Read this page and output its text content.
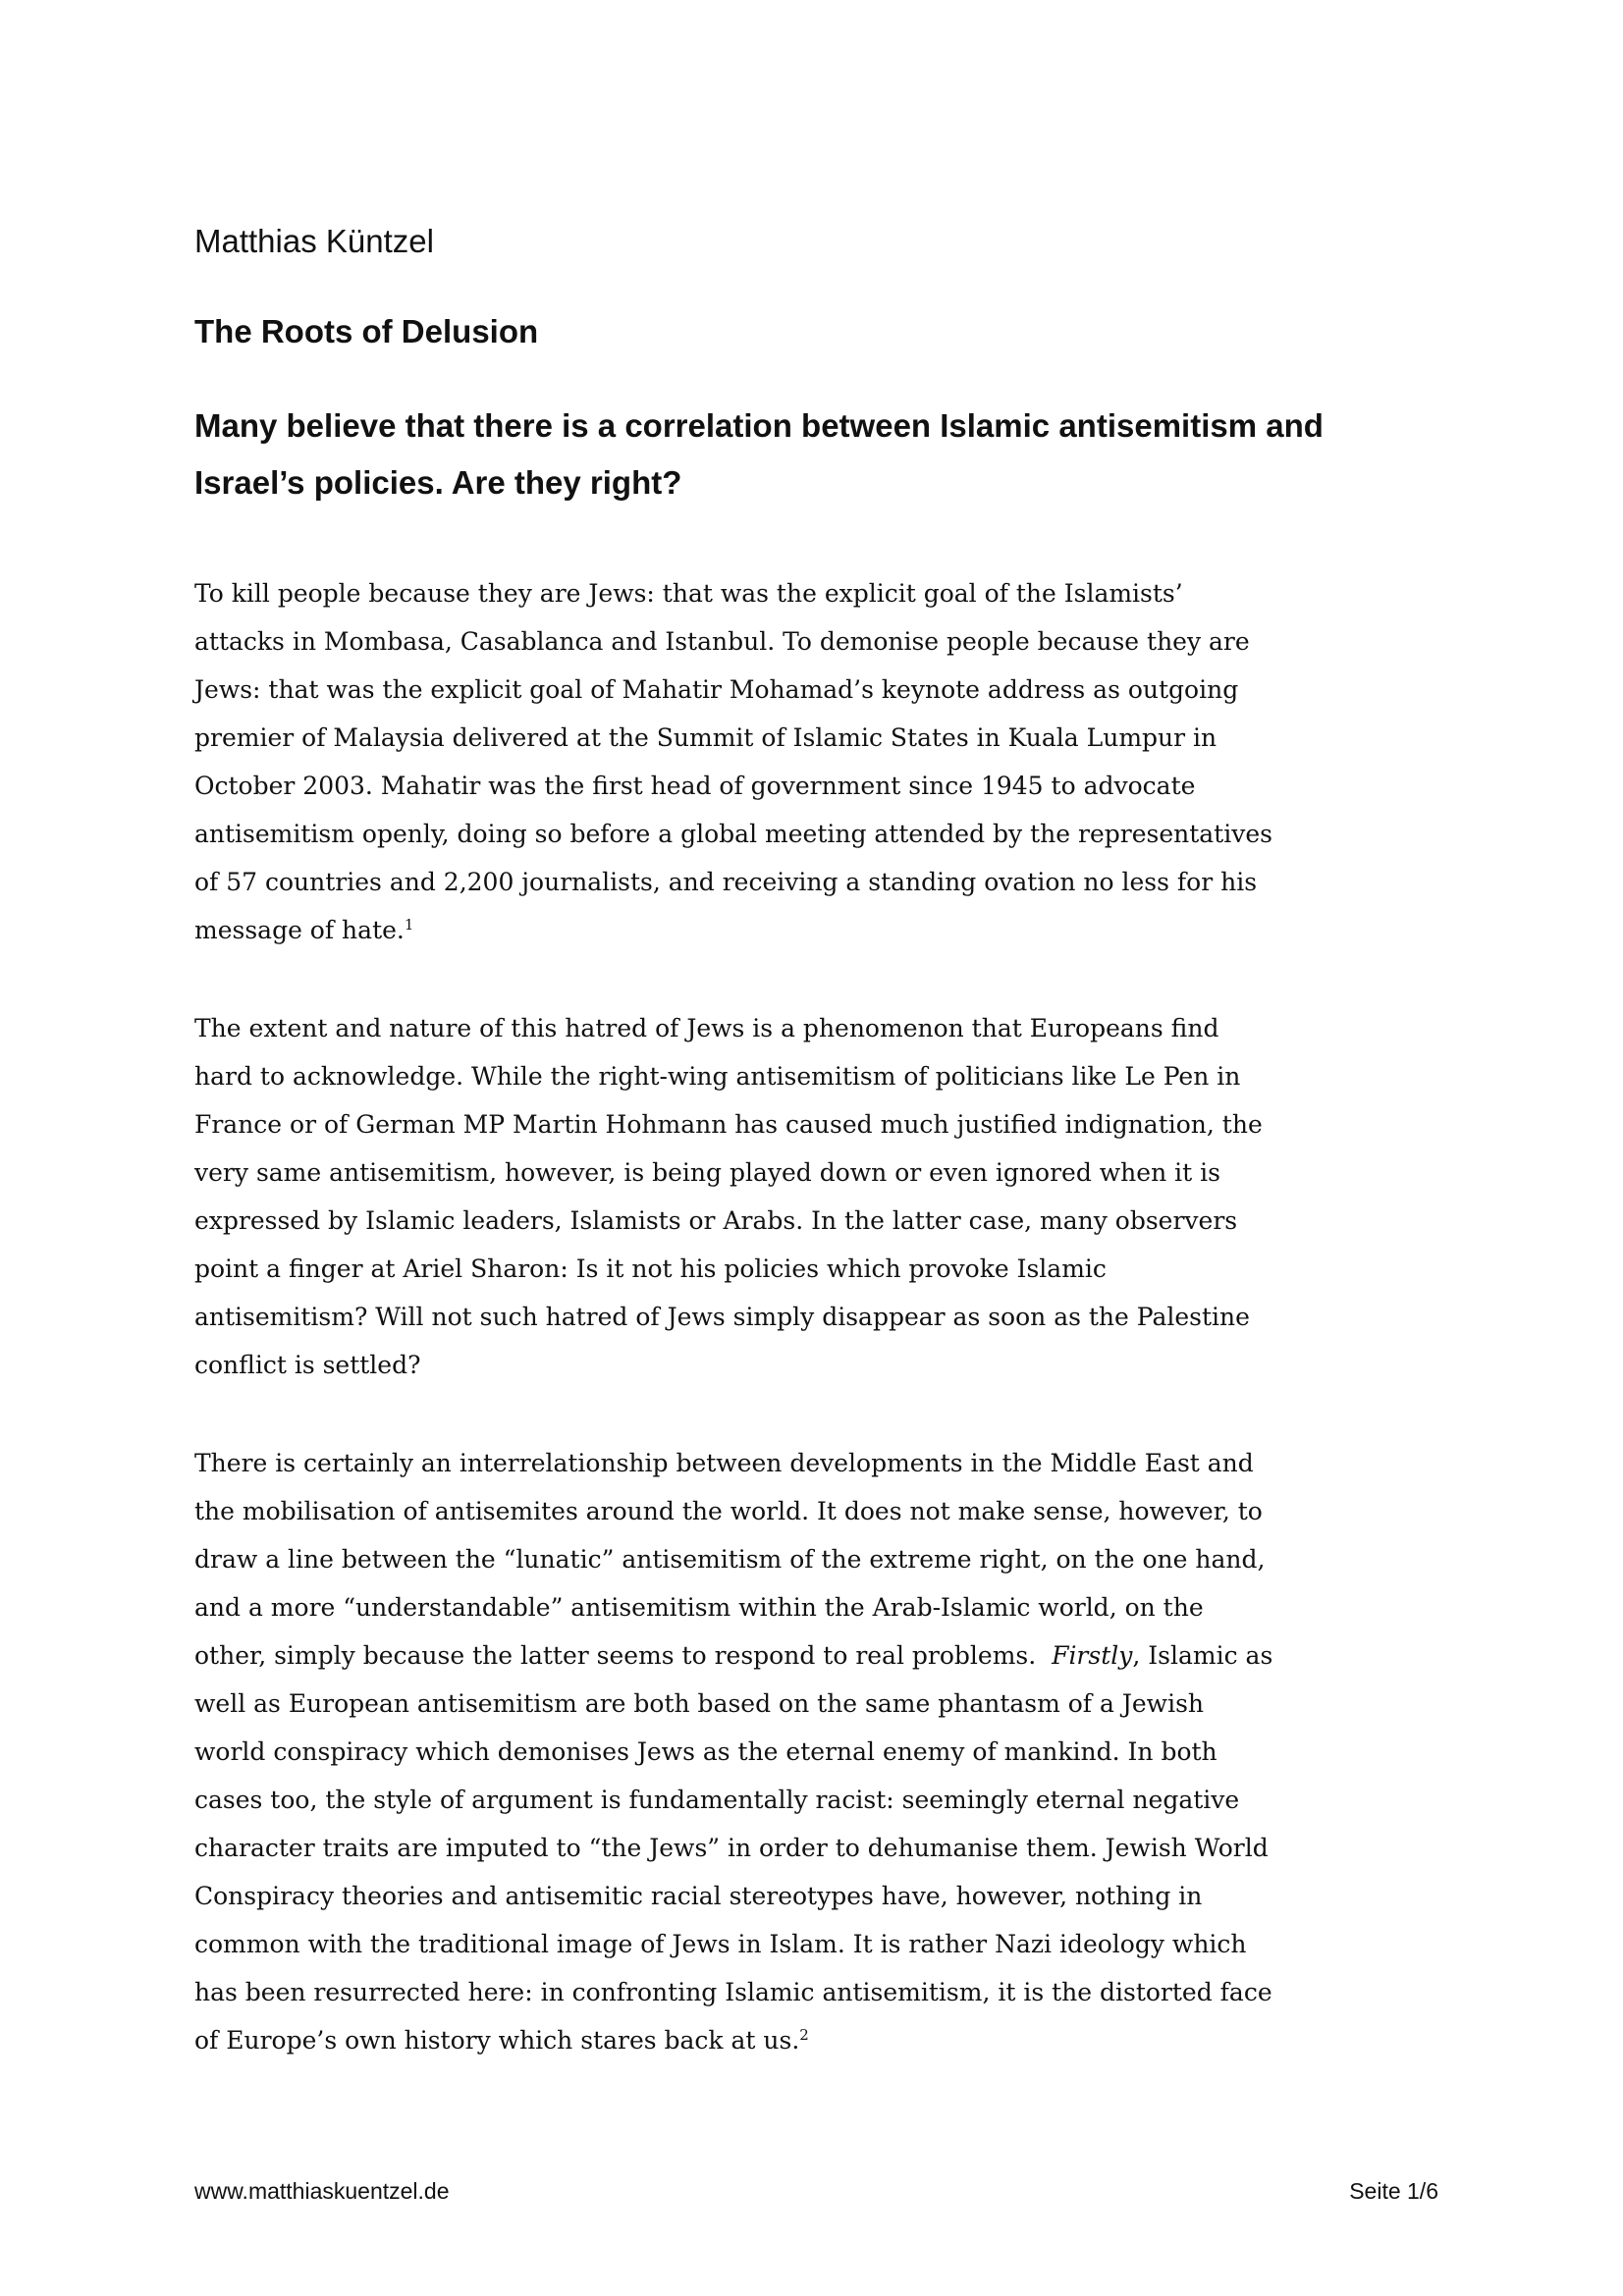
Matthias Küntzel
The Roots of Delusion
Many believe that there is a correlation between Islamic antisemitism and
Israel’s policies. Are they right?
To kill people because they are Jews: that was the explicit goal of the Islamists’
attacks in Mombasa, Casablanca and Istanbul. To demonise people because they are
Jews: that was the explicit goal of Mahatir Mohamad’s keynote address as outgoing
premier of Malaysia delivered at the Summit of Islamic States in Kuala Lumpur in
October 2003. Mahatir was the first head of government since 1945 to advocate
antisemitism openly, doing so before a global meeting attended by the representatives
of 57 countries and 2,200 journalists, and receiving a standing ovation no less for his
message of hate.$^1$
The extent and nature of this hatred of Jews is a phenomenon that Europeans find
hard to acknowledge. While the right-wing antisemitism of politicians like Le Pen in
France or of German MP Martin Hohmann has caused much justified indignation, the
very same antisemitism, however, is being played down or even ignored when it is
expressed by Islamic leaders, Islamists or Arabs. In the latter case, many observers
point a finger at Ariel Sharon: Is it not his policies which provoke Islamic
antisemitism? Will not such hatred of Jews simply disappear as soon as the Palestine
conflict is settled?
There is certainly an interrelationship between developments in the Middle East and
the mobilisation of antisemites around the world. It does not make sense, however, to
draw a line between the “lunatic” antisemitism of the extreme right, on the one hand,
and a more “understandable” antisemitism within the Arab-Islamic world, on the
other, simply because the latter seems to respond to real problems.  Firstly, Islamic as
well as European antisemitism are both based on the same phantasm of a Jewish
world conspiracy which demonises Jews as the eternal enemy of mankind. In both
cases too, the style of argument is fundamentally racist: seemingly eternal negative
character traits are imputed to “the Jews” in order to dehumanise them. Jewish World
Conspiracy theories and antisemitic racial stereotypes have, however, nothing in
common with the traditional image of Jews in Islam. It is rather Nazi ideology which
has been resurrected here: in confronting Islamic antisemitism, it is the distorted face
of Europe’s own history which stares back at us.$^2$
www.matthiaskuentzel.de	Seite 1/6
